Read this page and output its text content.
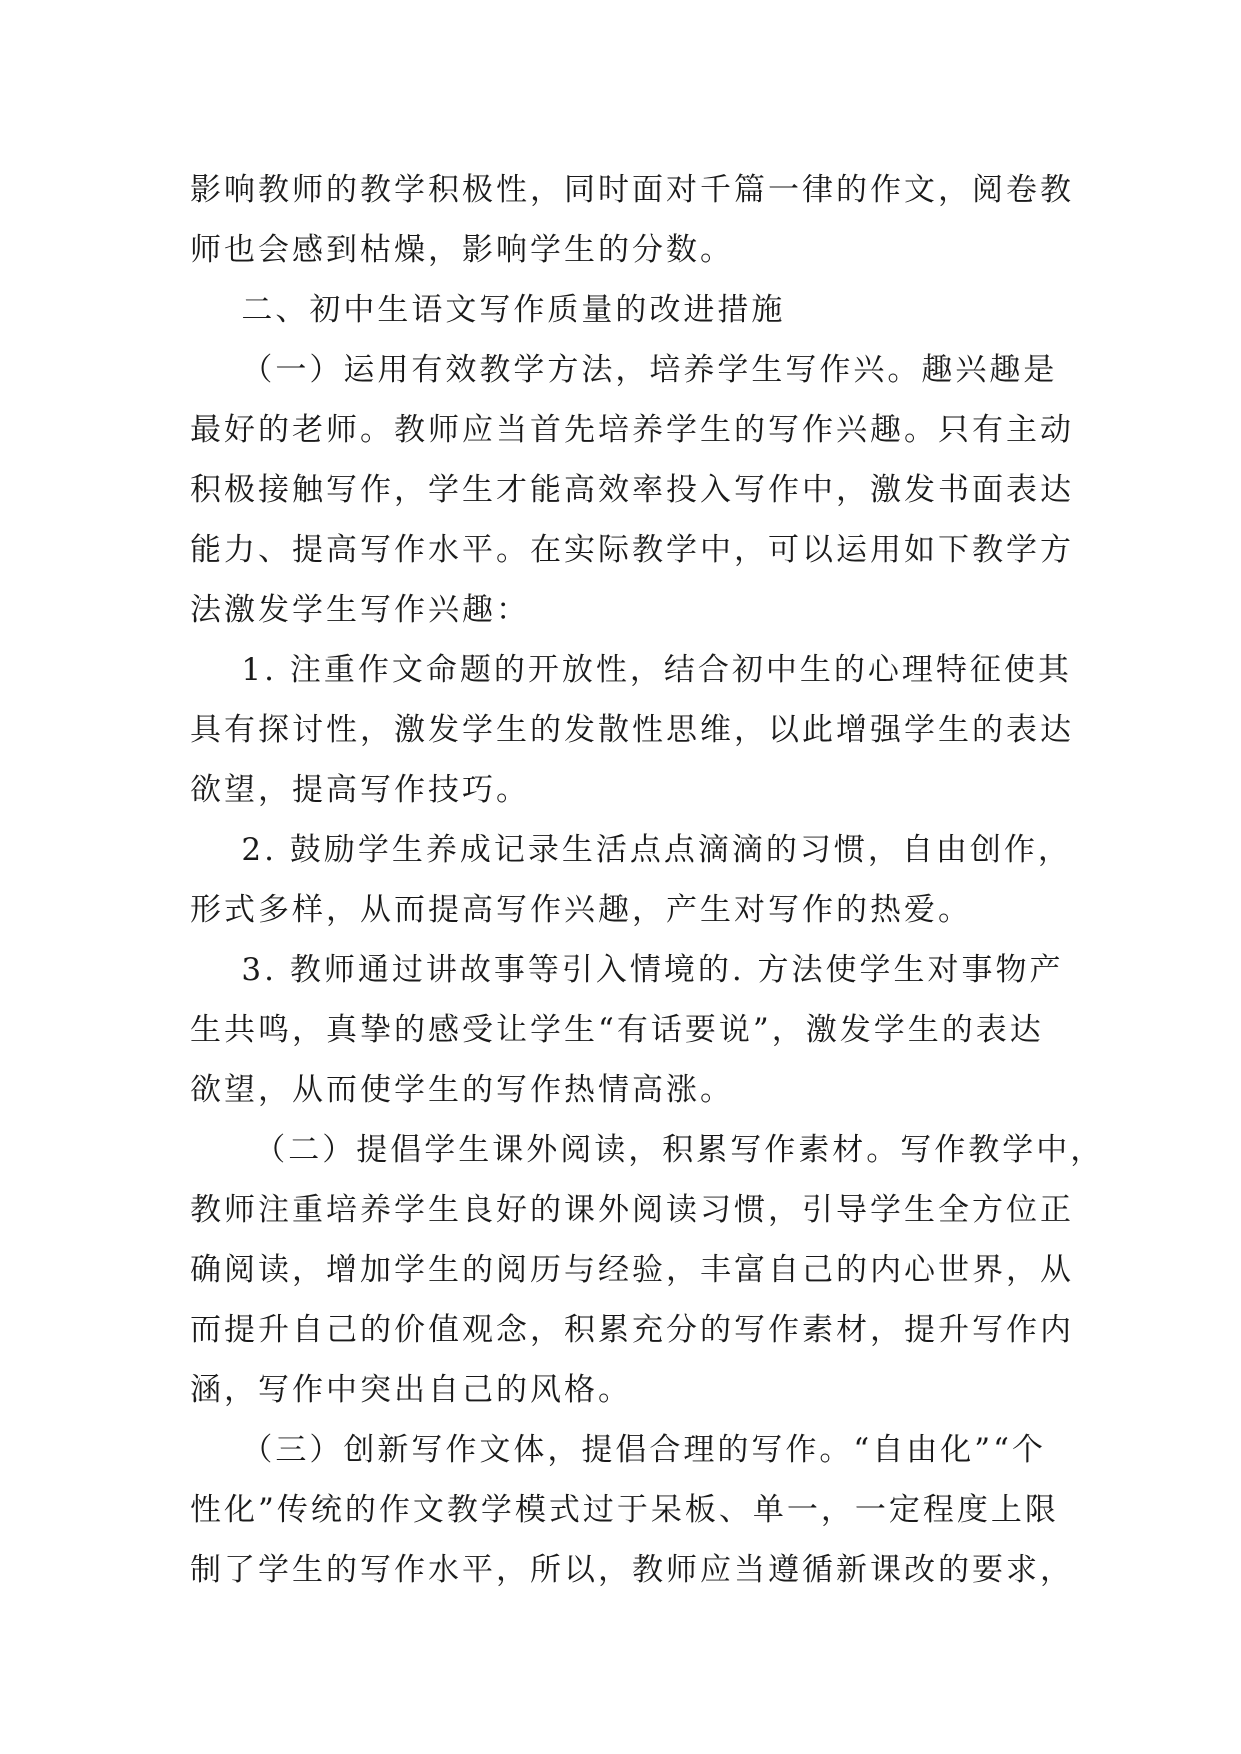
影响教师的教学积极性，同时面对千篇一律的作文，阅卷教
师也会感到枯燥，影响学生的分数。
二、初中生语文写作质量的改进措施
（一）运用有效教学方法，培养学生写作兴。趣兴趣是
最好的老师。教师应当首先培养学生的写作兴趣。只有主动
积极接触写作，学生才能高效率投入写作中，激发书面表达
能力、提高写作水平。在实际教学中，可以运用如下教学方
法激发学生写作兴趣：
1. 注重作文命题的开放性，结合初中生的心理特征使其
具有探讨性，激发学生的发散性思维，以此增强学生的表达
欲望，提高写作技巧。
2. 鼓励学生养成记录生活点点滴滴的习惯，自由创作，
形式多样，从而提高写作兴趣，产生对写作的热爱。
3. 教师通过讲故事等引入情境的. 方法使学生对事物产
生共鸣，真挚的感受让学生“有话要说”，激发学生的表达
欲望，从而使学生的写作热情高涨。
（二）提倡学生课外阅读，积累写作素材。写作教学中，
教师注重培养学生良好的课外阅读习惯，引导学生全方位正
确阅读，增加学生的阅历与经验，丰富自己的内心世界，从
而提升自己的价值观念，积累充分的写作素材，提升写作内
涵，写作中突出自己的风格。
（三）创新写作文体，提倡合理的写作。“自由化”“个
性化”传统的作文教学模式过于呆板、单一，一定程度上限
制了学生的写作水平，所以，教师应当遵循新课改的要求，
